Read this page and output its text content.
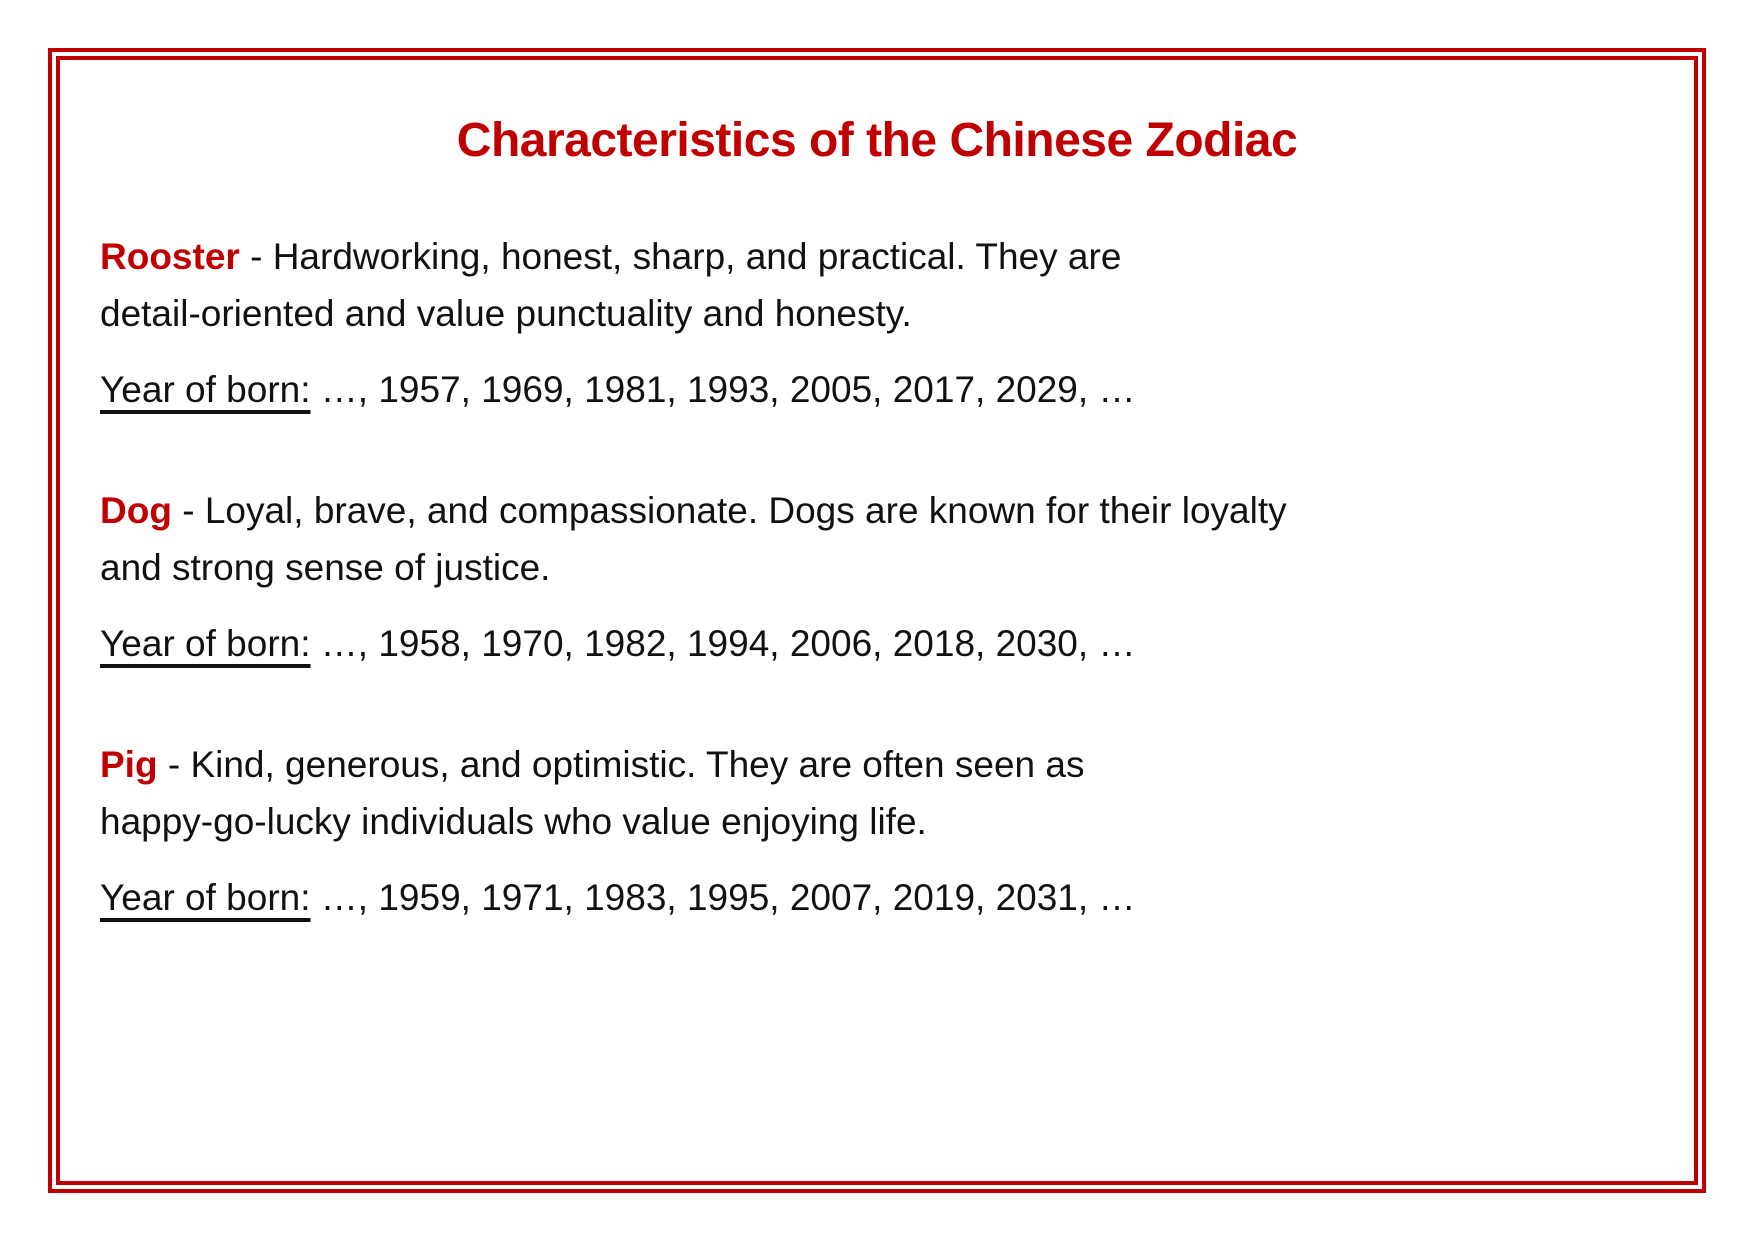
Characteristics of the Chinese Zodiac

Rooster - Hardworking, honest, sharp, and practical. They are
detail-oriented and value punctuality and honesty.

Year of born: …, 1957, 1969, 1981, 1993, 2005, 2017, 2029, …

Dog - Loyal, brave, and compassionate. Dogs are known for their loyalty
and strong sense of justice.

Year of born: …, 1958, 1970, 1982, 1994, 2006, 2018, 2030, …

Pig - Kind, generous, and optimistic. They are often seen as
happy-go-lucky individuals who value enjoying life.

Year of born: …, 1959, 1971, 1983, 1995, 2007, 2019, 2031, …
